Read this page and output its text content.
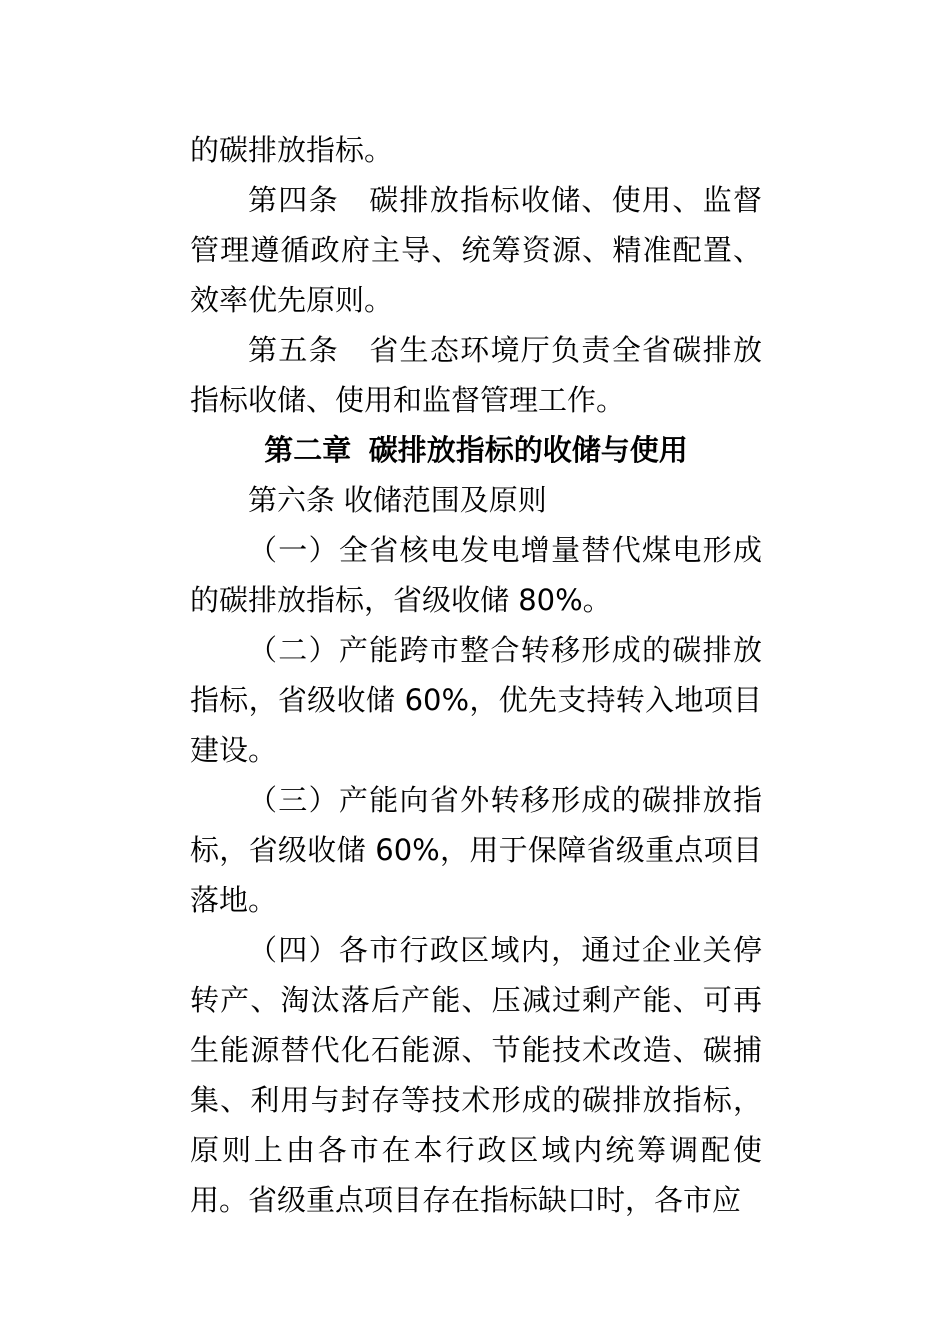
的碳排放指标。

第四条 碳排放指标收储、使用、监督管理遵循政府主导、统筹资源、精准配置、效率优先原则。

第五条 省生态环境厅负责全省碳排放指标收储、使用和监督管理工作。

第二章 碳排放指标的收储与使用

第六条 收储范围及原则

（一）全省核电发电增量替代煤电形成的碳排放指标，省级收储 80%。

（二）产能跨市整合转移形成的碳排放指标，省级收储 60%，优先支持转入地项目建设。

（三）产能向省外转移形成的碳排放指标，省级收储 60%，用于保障省级重点项目落地。

（四）各市行政区域内，通过企业关停转产、淘汰落后产能、压减过剩产能、可再生能源替代化石能源、节能技术改造、碳捕集、利用与封存等技术形成的碳排放指标，原则上由各市在本行政区域内统筹调配使用。省级重点项目存在指标缺口时，各市应
